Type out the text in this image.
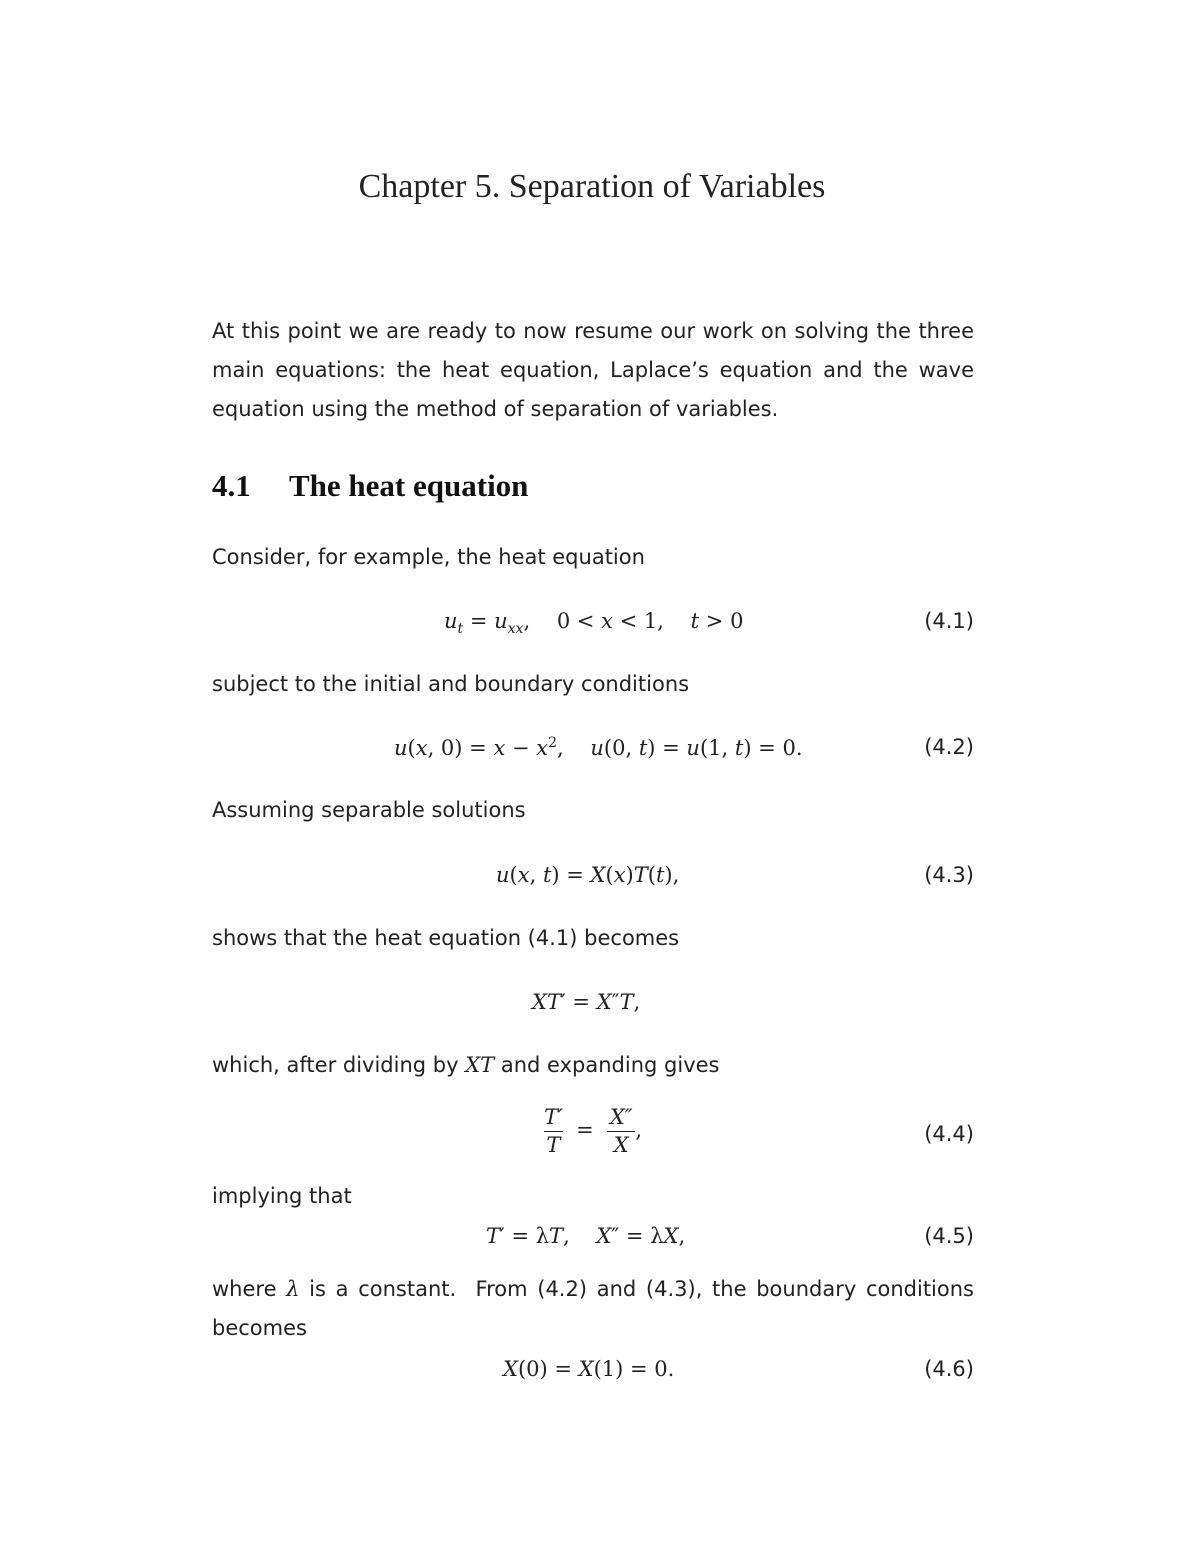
Chapter 5. Separation of Variables
At this point we are ready to now resume our work on solving the three main equations: the heat equation, Laplace’s equation and the wave equation using the method of separation of variables.
4.1 The heat equation
Consider, for example, the heat equation
$u_t = u_{xx}$,    0 < x < 1,    t > 0	(4.1)
subject to the initial and boundary conditions
u(x, $0) = x - x^2$,    u(0, t) = u(1, t) = 0.	(4.2)
Assuming separable solutions
u(x, t) = X(x)T(t),	(4.3)
shows that the heat equation (4.1) becomes
XT′ = X″T,
which, after dividing by XT and expanding gives
$\frac{T'}{T} = \frac{X''}{X}$ ,	(4.4)
implying that
T′ = λT,    X″ = λX,	(4.5)
where λ is a constant.  From (4.2) and (4.3), the boundary conditions becomes
X(0) = X(1) = 0.	(4.6)
